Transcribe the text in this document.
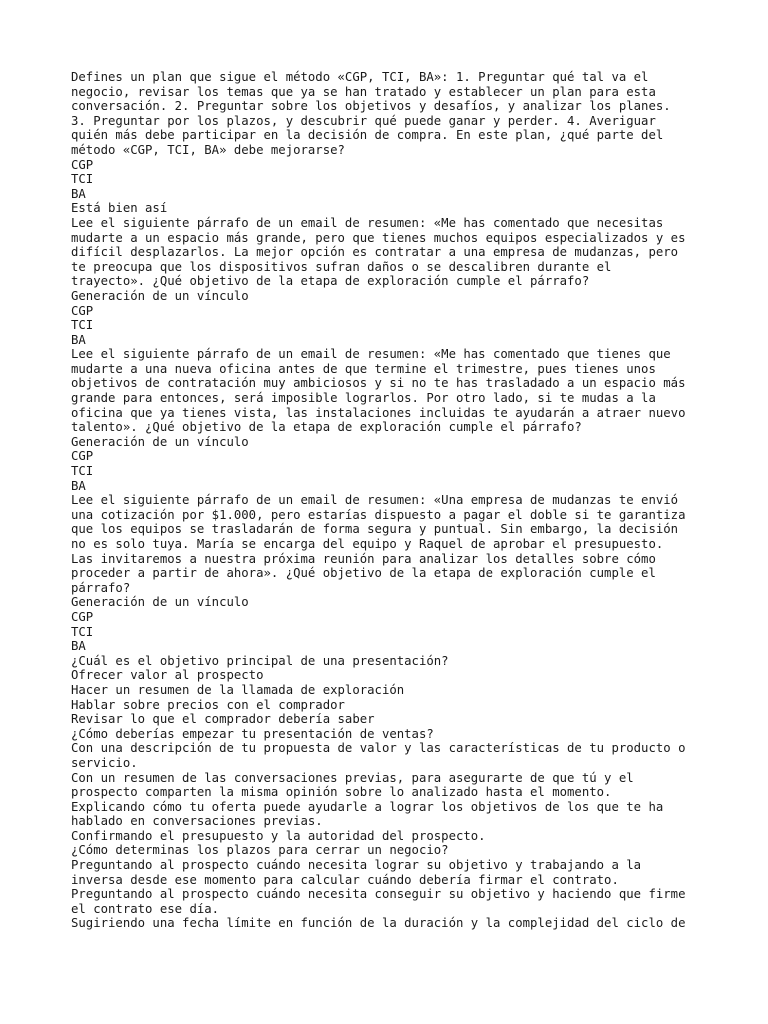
Defines un plan que sigue el método «CGP, TCI, BA»: 1. Preguntar qué tal va el
negocio, revisar los temas que ya se han tratado y establecer un plan para esta
conversación. 2. Preguntar sobre los objetivos y desafíos, y analizar los planes.
3. Preguntar por los plazos, y descubrir qué puede ganar y perder. 4. Averiguar
quién más debe participar en la decisión de compra. En este plan, ¿qué parte del
método «CGP, TCI, BA» debe mejorarse?
CGP
TCI
BA
Está bien así
Lee el siguiente párrafo de un email de resumen: «Me has comentado que necesitas
mudarte a un espacio más grande, pero que tienes muchos equipos especializados y es
difícil desplazarlos. La mejor opción es contratar a una empresa de mudanzas, pero
te preocupa que los dispositivos sufran daños o se descalibren durante el
trayecto». ¿Qué objetivo de la etapa de exploración cumple el párrafo?
Generación de un vínculo
CGP
TCI
BA
Lee el siguiente párrafo de un email de resumen: «Me has comentado que tienes que
mudarte a una nueva oficina antes de que termine el trimestre, pues tienes unos
objetivos de contratación muy ambiciosos y si no te has trasladado a un espacio más
grande para entonces, será imposible lograrlos. Por otro lado, si te mudas a la
oficina que ya tienes vista, las instalaciones incluidas te ayudarán a atraer nuevo
talento». ¿Qué objetivo de la etapa de exploración cumple el párrafo?
Generación de un vínculo
CGP
TCI
BA
Lee el siguiente párrafo de un email de resumen: «Una empresa de mudanzas te envió
una cotización por $1.000, pero estarías dispuesto a pagar el doble si te garantiza
que los equipos se trasladarán de forma segura y puntual. Sin embargo, la decisión
no es solo tuya. María se encarga del equipo y Raquel de aprobar el presupuesto.
Las invitaremos a nuestra próxima reunión para analizar los detalles sobre cómo
proceder a partir de ahora». ¿Qué objetivo de la etapa de exploración cumple el
párrafo?
Generación de un vínculo
CGP
TCI
BA
¿Cuál es el objetivo principal de una presentación?
Ofrecer valor al prospecto
Hacer un resumen de la llamada de exploración
Hablar sobre precios con el comprador
Revisar lo que el comprador debería saber
¿Cómo deberías empezar tu presentación de ventas?
Con una descripción de tu propuesta de valor y las características de tu producto o
servicio.
Con un resumen de las conversaciones previas, para asegurarte de que tú y el
prospecto comparten la misma opinión sobre lo analizado hasta el momento.
Explicando cómo tu oferta puede ayudarle a lograr los objetivos de los que te ha
hablado en conversaciones previas.
Confirmando el presupuesto y la autoridad del prospecto.
¿Cómo determinas los plazos para cerrar un negocio?
Preguntando al prospecto cuándo necesita lograr su objetivo y trabajando a la
inversa desde ese momento para calcular cuándo debería firmar el contrato.
Preguntando al prospecto cuándo necesita conseguir su objetivo y haciendo que firme
el contrato ese día.
Sugiriendo una fecha límite en función de la duración y la complejidad del ciclo de
